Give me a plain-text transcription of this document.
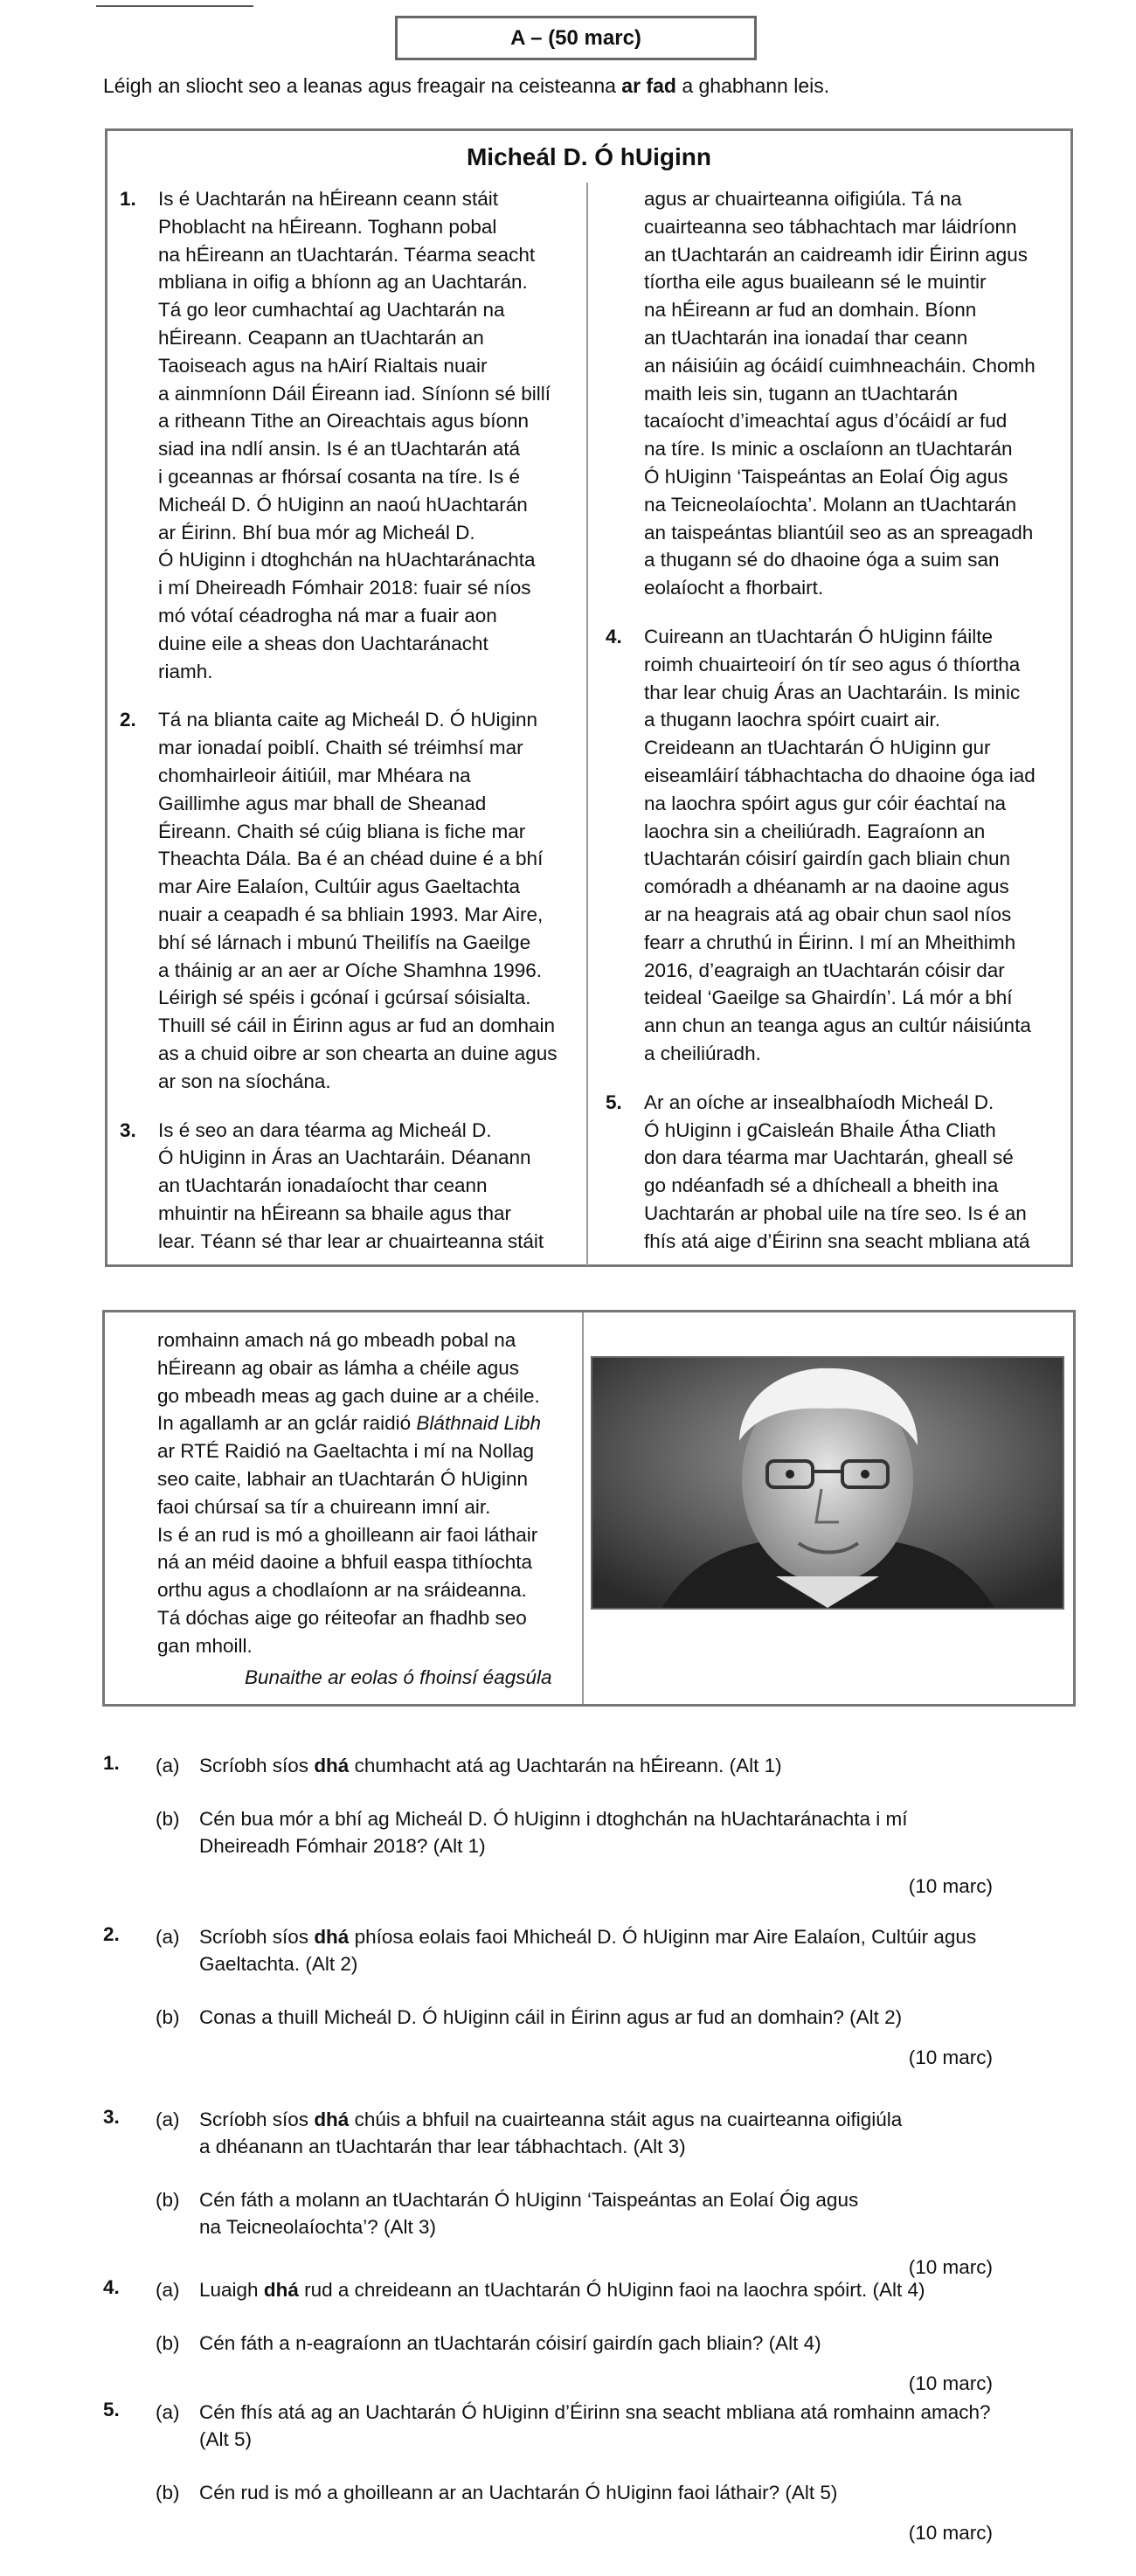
A – (50 marc)
Léigh an sliocht seo a leanas agus freagair na ceisteanna ar fad a ghabhann leis.
Micheál D. Ó hUiginn
1. Is é Uachtarán na hÉireann ceann stáit
Phoblacht na hÉireann. Toghann pobal
na hÉireann an tUachtarán. Téarma seacht
mbliana in oifig a bhíonn ag an Uachtarán.
Tá go leor cumhachtaí ag Uachtarán na
hÉireann. Ceapann an tUachtarán an
Taoiseach agus na hAirí Rialtais nuair
a ainmníonn Dáil Éireann iad. Síníonn sé billí
a ritheann Tithe an Oireachtais agus bíonn
siad ina ndlí ansin. Is é an tUachtarán atá
i gceannas ar fhórsaí cosanta na tíre. Is é
Micheál D. Ó hUiginn an naoú hUachtarán
ar Éirinn. Bhí bua mór ag Micheál D.
Ó hUiginn i dtoghchán na hUachtaránachta
i mí Dheireadh Fómhair 2018: fuair sé níos
mó vótaí céadrogha ná mar a fuair aon
duine eile a sheas don Uachtaránacht
riamh.
2. Tá na blianta caite ag Micheál D. Ó hUiginn
mar ionadaí poiblí. Chaith sé tréimhsí mar
chomhairleoir áitiúil, mar Mhéara na
Gaillimhe agus mar bhall de Sheanad
Éireann. Chaith sé cúig bliana is fiche mar
Theachta Dála. Ba é an chéad duine é a bhí
mar Aire Ealaíon, Cultúir agus Gaeltachta
nuair a ceapadh é sa bhliain 1993. Mar Aire,
bhí sé lárnach i mbunú Theilifís na Gaeilge
a tháinig ar an aer ar Oíche Shamhna 1996.
Léirigh sé spéis i gcónaí i gcúrsaí sóisialta.
Thuill sé cáil in Éirinn agus ar fud an domhain
as a chuid oibre ar son chearta an duine agus
ar son na síochána.
3. Is é seo an dara téarma ag Micheál D.
Ó hUiginn in Áras an Uachtaráin. Déanann
an tUachtarán ionadaíocht thar ceann
mhuintir na hÉireann sa bhaile agus thar
lear. Téann sé thar lear ar chuairteanna stáit
agus ar chuairteanna oifigiúla. Tá na
cuairteanna seo tábhachtach mar láidríonn
an tUachtarán an caidreamh idir Éirinn agus
tíortha eile agus buaileann sé le muintir
na hÉireann ar fud an domhain. Bíonn
an tUachtarán ina ionadaí thar ceann
an náisiúin ag ócáidí cuimhneacháin. Chomh
maith leis sin, tugann an tUachtarán
tacaíocht d’imeachtaí agus d’ócáidí ar fud
na tíre. Is minic a osclaíonn an tUachtarán
Ó hUiginn ‘Taispeántas an Eolaí Óig agus
na Teicneolaíochta’. Molann an tUachtarán
an taispeántas bliantúil seo as an spreagadh
a thugann sé do dhaoine óga a suim san
eolaíocht a fhorbairt.
4. Cuireann an tUachtarán Ó hUiginn fáilte
roimh chuairteoirí ón tír seo agus ó thíortha
thar lear chuig Áras an Uachtaráin. Is minic
a thugann laochra spóirt cuairt air.
Creideann an tUachtarán Ó hUiginn gur
eiseamláirí tábhachtacha do dhaoine óga iad
na laochra spóirt agus gur cóir éachtaí na
laochra sin a cheiliúradh. Eagraíonn an
tUachtarán cóisirí gairdín gach bliain chun
comóradh a dhéanamh ar na daoine agus
ar na heagrais atá ag obair chun saol níos
fearr a chruthú in Éirinn. I mí an Mheithimh
2016, d’eagraigh an tUachtarán cóisir dar
teideal ‘Gaeilge sa Ghairdín’. Lá mór a bhí
ann chun an teanga agus an cultúr náisiúnta
a cheiliúradh.
5. Ar an oíche ar insealbhaíodh Micheál D.
Ó hUiginn i gCaisleán Bhaile Átha Cliath
don dara téarma mar Uachtarán, gheall sé
go ndéanfadh sé a dhícheall a bheith ina
Uachtarán ar phobal uile na tíre seo. Is é an
fhís atá aige d’Éirinn sna seacht mbliana atá
romhainn amach ná go mbeadh pobal na
hÉireann ag obair as lámha a chéile agus
go mbeadh meas ag gach duine ar a chéile.
In agallamh ar an gclár raidió Bláthnaid Libh
ar RTÉ Raidió na Gaeltachta i mí na Nollag
seo caite, labhair an tUachtarán Ó hUiginn
faoi chúrsaí sa tír a chuireann imní air.
Is é an rud is mó a ghoilleann air faoi láthair
ná an méid daoine a bhfuil easpa tithíochta
orthu agus a chodlaíonn ar na sráideanna.
Tá dóchas aige go réiteofar an fhadhb seo
gan mhoill.
Bunaithe ar eolas ó fhoinsí éagsúla
1. (a) Scríobh síos dhá chumhacht atá ag Uachtarán na hÉireann. (Alt 1)
(b) Cén bua mór a bhí ag Micheál D. Ó hUiginn i dtoghchán na hUachtaránachta i mí
Dheireadh Fómhair 2018? (Alt 1)
(10 marc)
2. (a) Scríobh síos dhá phíosa eolais faoi Mhicheál D. Ó hUiginn mar Aire Ealaíon, Cultúir agus
Gaeltachta. (Alt 2)
(b) Conas a thuill Micheál D. Ó hUiginn cáil in Éirinn agus ar fud an domhain? (Alt 2)
(10 marc)
3. (a) Scríobh síos dhá chúis a bhfuil na cuairteanna stáit agus na cuairteanna oifigiúla
a dhéanann an tUachtarán thar lear tábhachtach. (Alt 3)
(b) Cén fáth a molann an tUachtarán Ó hUiginn ‘Taispeántas an Eolaí Óig agus
na Teicneolaíochta’? (Alt 3)
(10 marc)
4. (a) Luaigh dhá rud a chreideann an tUachtarán Ó hUiginn faoi na laochra spóirt. (Alt 4)
(b) Cén fáth a n-eagraíonn an tUachtarán cóisirí gairdín gach bliain? (Alt 4)
(10 marc)
5. (a) Cén fhís atá ag an Uachtarán Ó hUiginn d’Éirinn sna seacht mbliana atá romhainn amach?
(Alt 5)
(b) Cén rud is mó a ghoilleann ar an Uachtarán Ó hUiginn faoi láthair? (Alt 5)
(10 marc)
